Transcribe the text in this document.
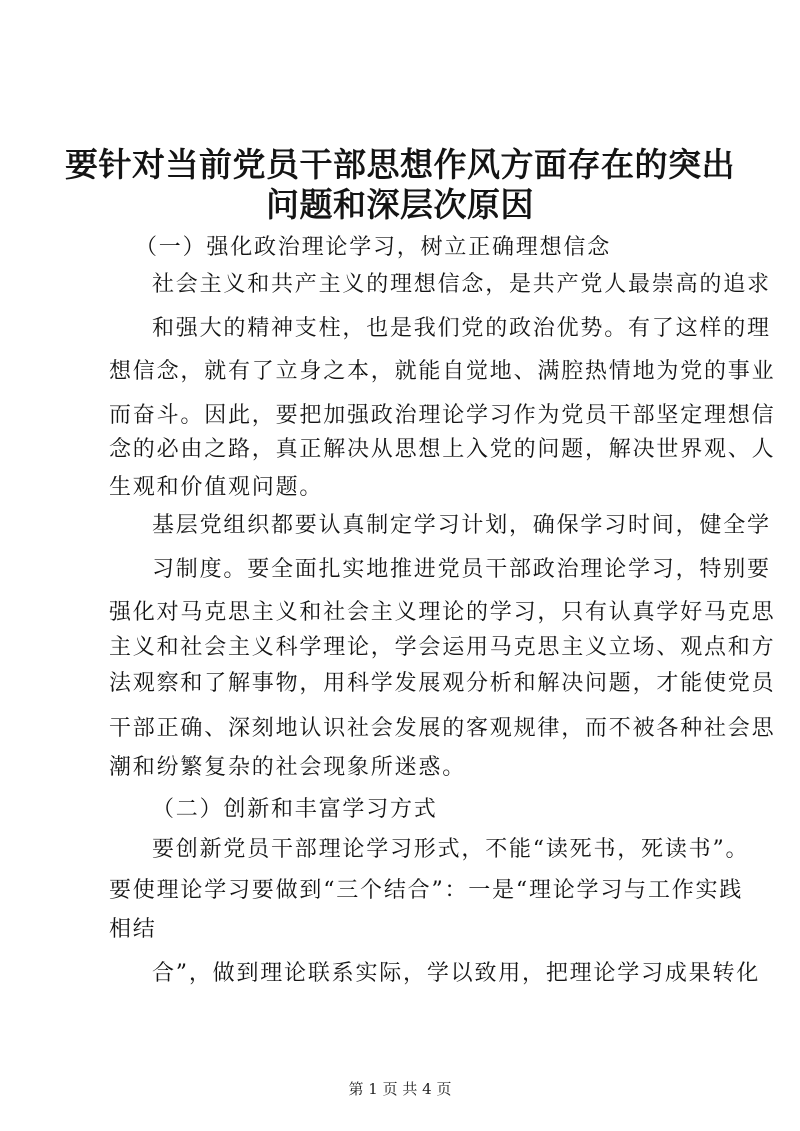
要针对当前党员干部思想作风方面存在的突出
问题和深层次原因
（一）强化政治理论学习，树立正确理想信念
社会主义和共产主义的理想信念，是共产党人最崇高的追求
和强大的精神支柱，也是我们党的政治优势。有了这样的理
想信念，就有了立身之本，就能自觉地、满腔热情地为党的事业
而奋斗。因此，要把加强政治理论学习作为党员干部坚定理想信
念的必由之路，真正解决从思想上入党的问题，解决世界观、人
生观和价值观问题。
基层党组织都要认真制定学习计划，确保学习时间，健全学
习制度。要全面扎实地推进党员干部政治理论学习，特别要
强化对马克思主义和社会主义理论的学习，只有认真学好马克思
主义和社会主义科学理论，学会运用马克思主义立场、观点和方
法观察和了解事物，用科学发展观分析和解决问题，才能使党员
干部正确、深刻地认识社会发展的客观规律，而不被各种社会思
潮和纷繁复杂的社会现象所迷惑。
（二）创新和丰富学习方式
要创新党员干部理论学习形式，不能“读死书，死读书”。
要使理论学习要做到“三个结合”：一是“理论学习与工作实践
相结
合”，做到理论联系实际，学以致用，把理论学习成果转化
第 1 页 共 4 页
